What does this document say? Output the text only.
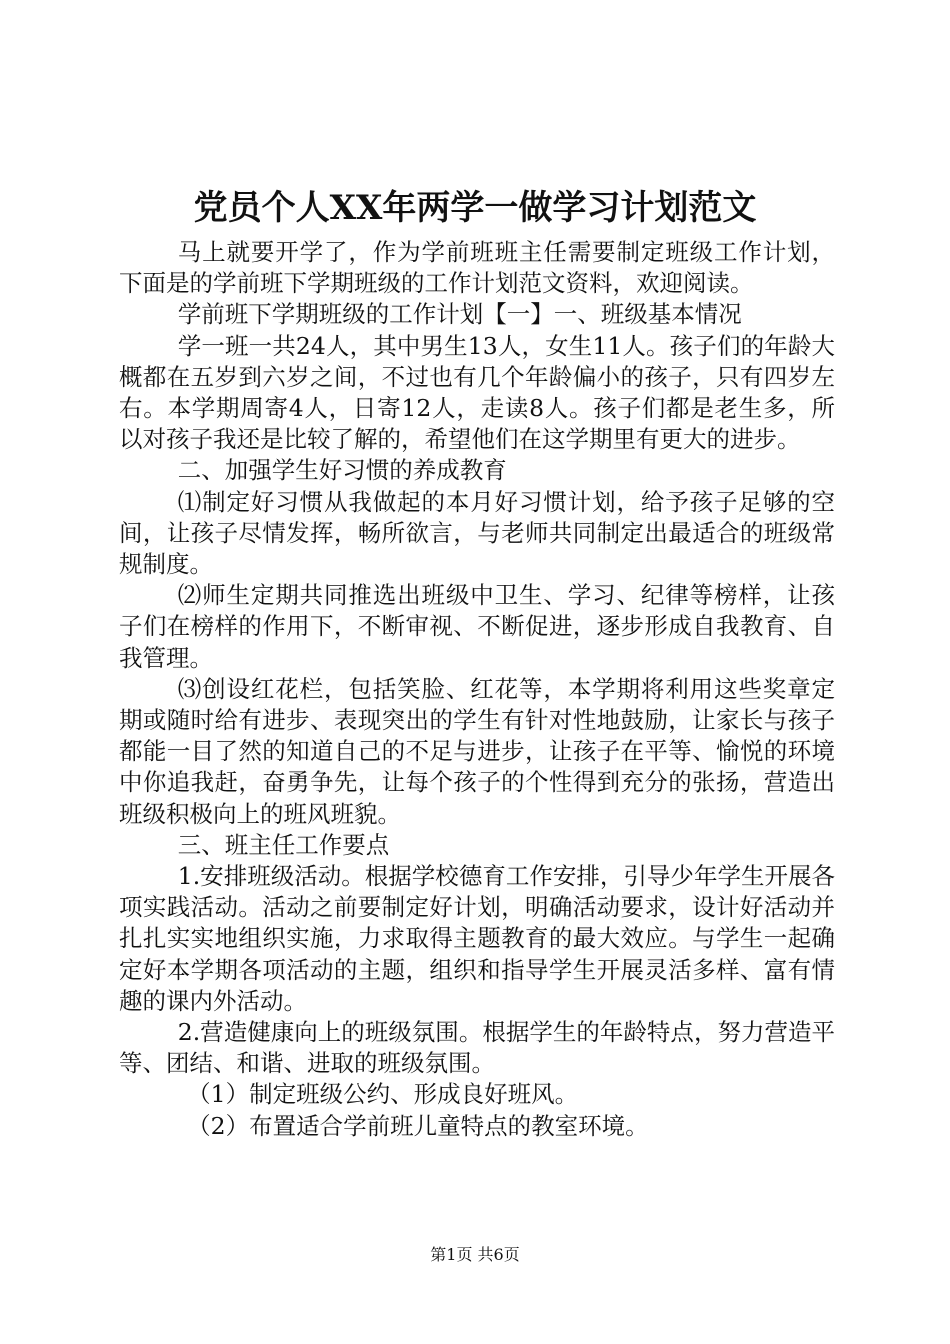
党员个人XX年两学一做学习计划范文

马上就要开学了，作为学前班班主任需要制定班级工作计划，下面是的学前班下学期班级的工作计划范文资料，欢迎阅读。

学前班下学期班级的工作计划【一】一、班级基本情况

学一班一共24人，其中男生13人，女生11人。孩子们的年龄大概都在五岁到六岁之间，不过也有几个年龄偏小的孩子，只有四岁左右。本学期周寄4人，日寄12人，走读8人。孩子们都是老生多，所以对孩子我还是比较了解的，希望他们在这学期里有更大的进步。

二、加强学生好习惯的养成教育

⑴制定好习惯从我做起的本月好习惯计划，给予孩子足够的空间，让孩子尽情发挥，畅所欲言，与老师共同制定出最适合的班级常规制度。

⑵师生定期共同推选出班级中卫生、学习、纪律等榜样，让孩子们在榜样的作用下，不断审视、不断促进，逐步形成自我教育、自我管理。

⑶创设红花栏，包括笑脸、红花等，本学期将利用这些奖章定期或随时给有进步、表现突出的学生有针对性地鼓励，让家长与孩子都能一目了然的知道自己的不足与进步，让孩子在平等、愉悦的环境中你追我赶，奋勇争先，让每个孩子的个性得到充分的张扬，营造出班级积极向上的班风班貌。

三、班主任工作要点

1.安排班级活动。根据学校德育工作安排，引导少年学生开展各项实践活动。活动之前要制定好计划，明确活动要求，设计好活动并扎扎实实地组织实施，力求取得主题教育的最大效应。与学生一起确定好本学期各项活动的主题，组织和指导学生开展灵活多样、富有情趣的课内外活动。

2.营造健康向上的班级氛围。根据学生的年龄特点，努力营造平等、团结、和谐、进取的班级氛围。

（1）制定班级公约、形成良好班风。

（2）布置适合学前班儿童特点的教室环境。

第1页 共6页
